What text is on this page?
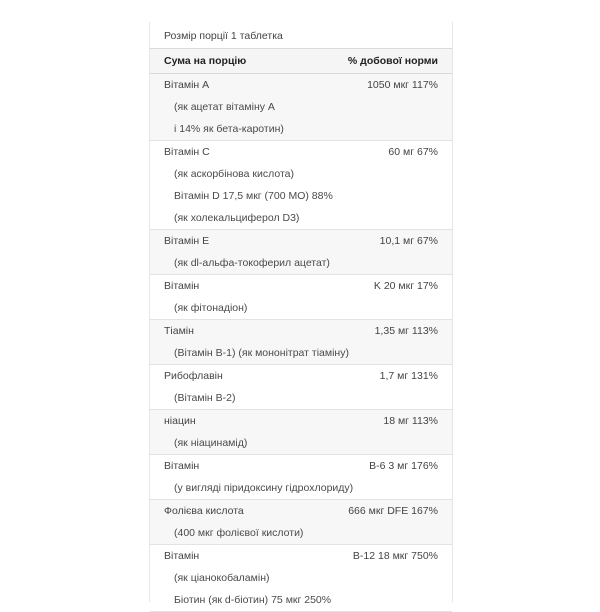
Розмір порції 1 таблетка
Сума на порцію	% добової норми
Вітамін A	1050 мкг 117%
(як ацетат вітаміну А
і 14% як бета-каротин)
Вітамін C	60 мг 67%
(як аскорбінова кислота)
Вітамін D 17,5 мкг (700 МО) 88%
(як холекальциферол D3)
Вітамін E	10,1 мг 67%
(як dl-альфа-токоферил ацетат)
Вітамін	K 20 мкг 17%
(як фітонадіон)
Тіамін	1,35 мг 113%
(Вітамін B-1) (як мононітрат тіаміну)
Рибофлавін	1,7 мг 131%
(Вітамін B-2)
ніацин	18 мг 113%
(як ніацинамід)
Вітамін	B-6 3 мг 176%
(у вигляді піридоксину гідрохлориду)
Фолієва кислота	666 мкг DFE 167%
(400 мкг фолієвої кислоти)
Вітамін	B-12 18 мкг 750%
(як ціанокобаламін)
Біотин (як d-біотин) 75 мкг 250%
